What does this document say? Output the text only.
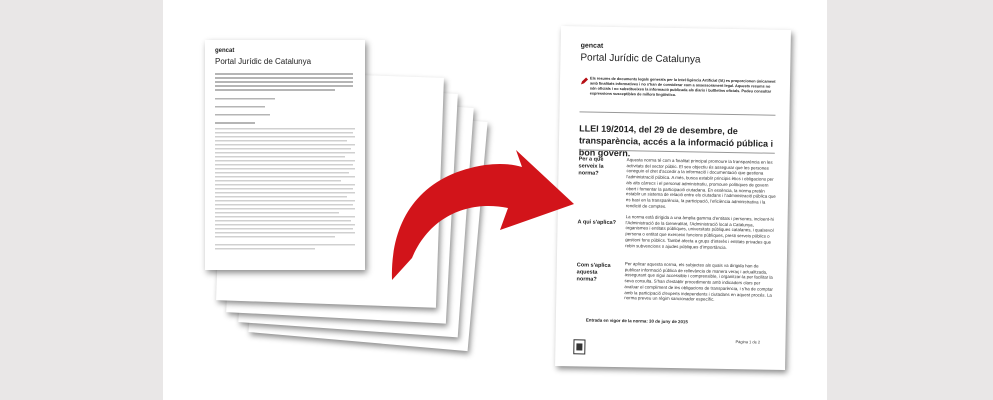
gencat
Portal Jurídic de Catalunya
gencat
Portal Jurídic de Catalunya
Els resums de documents legals generats per la Intel·ligència Artificial (IA) es proporcionen únicament amb finalitats informatives i no s'han de considerar com a assessorament legal. Aquests resums no són oficials i no substitueixen la informació publicada als diaris i butlletins oficials. Podeu consultar expressions susceptibles de millora lingüística.
LLEI 19/2014, del 29 de desembre, de transparència, accés a la informació pública i bon govern.
Per a què serveix la norma?
Aquesta norma té com a finalitat principal promoure la transparència en les activitats del sector públic. El seu objectiu és assegurar que les persones coneguin el dret d'accedir a la informació i documentació que gestiona l'administració pública. A més, busca establir principis ètics i obligacions per als alts càrrecs i el personal administratiu, promoure polítiques de govern obert i fomentar la participació ciutadana. En essència, la norma pretén establir un sistema de relació entre els ciutadans i l'administració pública que es basi en la transparència, la participació, l'eficiència administrativa i la rendició de comptes.
A qui s'aplica?
La norma està dirigida a una àmplia gamma d'entitats i persones, incloent-hi l'Administració de la Generalitat, l'Administració local a Catalunya, organismes i entitats públiques, universitats públiques catalanes, i qualsevol persona o entitat que exerceixi funcions públiques, presti serveis públics o gestioni fons públics. També afecta a grups d'interès i entitats privades que rebin subvencions o ajudes públiques d'importància.
Com s'aplica aquesta norma?
Per aplicar aquesta norma, els subjectes als quals va dirigida han de publicar informació pública de rellevància de manera veraç i actualitzada, assegurant que sigui accessible i comprensible, i organitzar-la per facilitar la seva consulta. S'han d'establir procediments amb indicadors clars per avaluar el compliment de les obligacions de transparència, i s'ha de comptar amb la participació d'experts independents i ciutadans en aquest procés. La norma preveu un règim sancionador específic.
Entrada en vigor de la norma: 30 de juny de 2015
Pàgina 1 de 2
